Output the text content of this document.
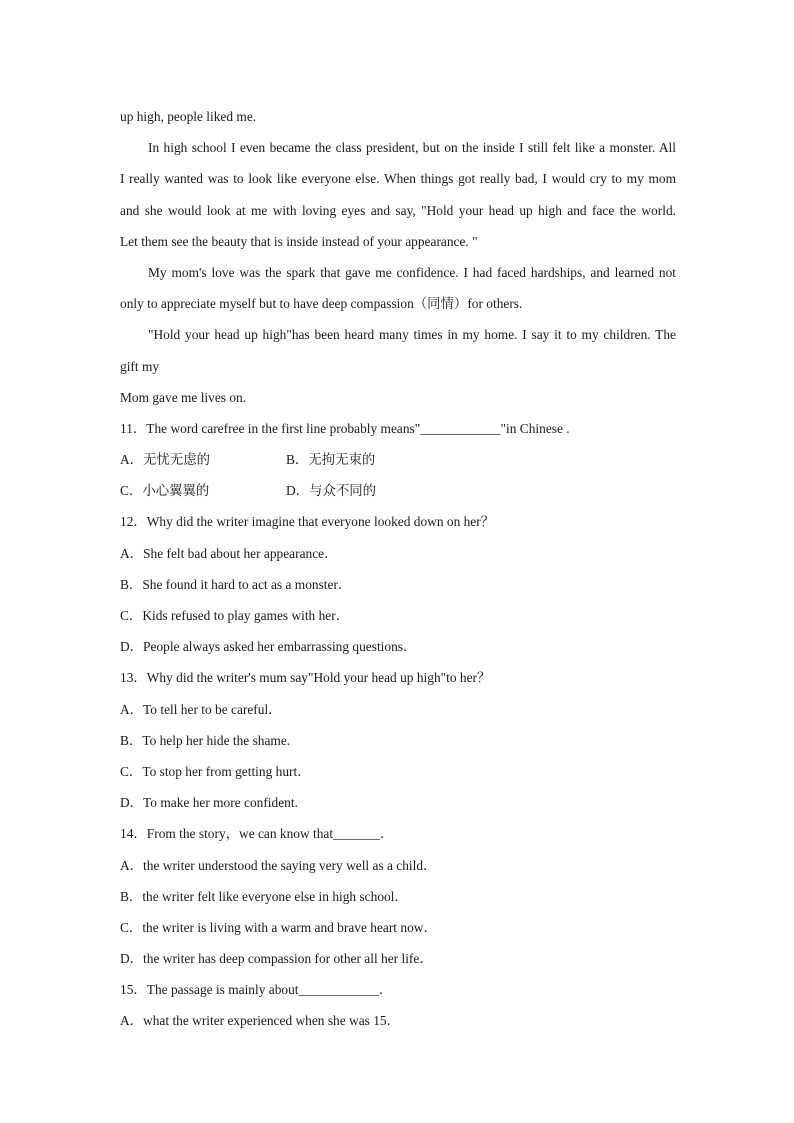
up high, people liked me.

In high school I even became the class president, but on the inside I still felt like a monster. All

I really wanted was to look like everyone else. When things got really bad, I would cry to my mom

and she would look at me with loving eyes and say, "Hold your head up high and face the world.

Let them see the beauty that is inside instead of your appearance. "

My mom's love was the spark that gave me confidence. I had faced hardships, and learned not

only to appreciate myself but to have deep compassion（同情）for others.

"Hold your head up high"has been heard many times in my home. I say it to my children. The

gift my

Mom gave me lives on.

11．The word carefree in the first line probably means"____________"in Chinese .

A．无忧无虑的	B．无拘无束的
C．小心翼翼的	D．与众不同的

12．Why did the writer imagine that everyone looked down on her？

A．She felt bad about her appearance．

B．She found it hard to act as a monster．

C．Kids refused to play games with her．

D．People always asked her embarrassing questions．

13．Why did the writer's mum say"Hold your head up high"to her？

A．To tell her to be careful．

B．To help her hide the shame.

C．To stop her from getting hurt．

D．To make her more confident.

14．From the story，we can know that_______．

A．the writer understood the saying very well as a child．

B．the writer felt like everyone else in high school．

C．the writer is living with a warm and brave heart now．

D．the writer has deep compassion for other all her life．

15．The passage is mainly about____________．

A．what the writer experienced when she was 15．
